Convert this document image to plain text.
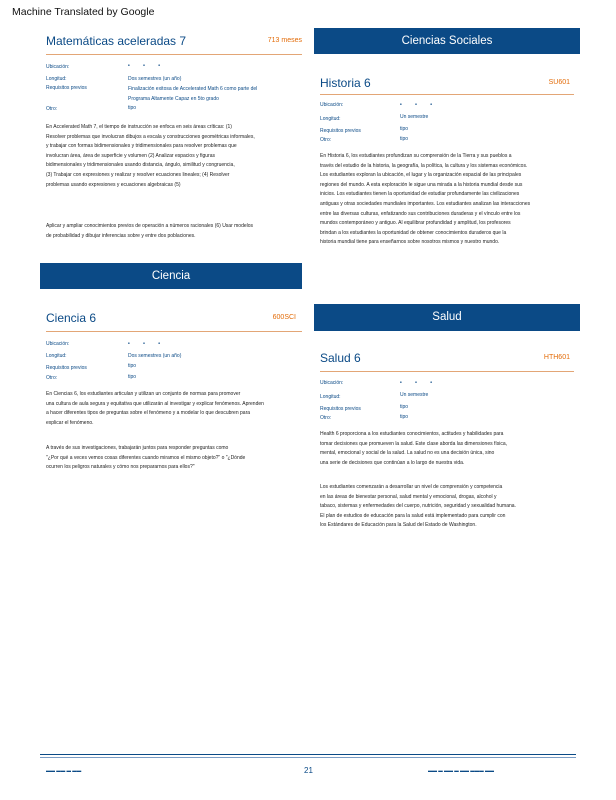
Machine Translated by Google
Matemáticas aceleradas 7	713 meses
Ubicación:	• • •
Longitud:	Dos semestres (un año)
Requisitos previos	Finalización exitosa de Accelerated Math 6 como parte del
Programa Altamente Capaz en 5to grado
Otro:	tipo
En Accelerated Math 7, el tiempo de instrucción se enfoca en seis áreas críticas: (1)
Resolver problemas que involucran dibujos a escala y construcciones geométricas informales,
y trabajar con formas bidimensionales y tridimensionales para resolver problemas que
involucran área, área de superficie y volumen (2) Analizar espacios y figuras
bidimensionales y tridimensionales usando distancia, ángulo, similitud y congruencia,
(3) Trabajar con expresiones y realizar y resolver ecuaciones lineales; (4) Resolver
problemas usando expresiones y ecuaciones algebraicas (5)
Aplicar y ampliar conocimientos previos de operación a números racionales (6) Usar modelos
de probabilidad y dibujar inferencias sobre y entre dos poblaciones.
Ciencias Sociales
Historia 6	SU601
Ubicación:	• • •
Longitud:	Un semestre
Requisitos previos	tipo
Otro:	tipo
En Historia 6, los estudiantes profundizan su comprensión de la Tierra y sus pueblos a
través del estudio de la historia, la geografía, la política, la cultura y los sistemas económicos.
Los estudiantes exploran la ubicación, el lugar y la organización espacial de las principales
regiones del mundo. A esta exploración le sigue una mirada a la historia mundial desde sus
inicios. Los estudiantes tienen la oportunidad de estudiar profundamente las civilizaciones
antiguas y otras sociedades mundiales importantes. Los estudiantes analizan las interacciones
entre las diversas culturas, enfatizando sus contribuciones duraderas y el vínculo entre los
mundos contemporáneo y antiguo. Al equilibrar profundidad y amplitud, los profesores
brindan a los estudiantes la oportunidad de obtener conocimientos duraderos que la
historia mundial tiene para enseñarnos sobre nosotros mismos y nuestro mundo.
Ciencia
Ciencia 6	600SCI
Ubicación:	• • •
Longitud:	Dos semestres (un año)
Requisitos previos	tipo
Otro:	tipo
En Ciencias 6, los estudiantes articulan y utilizan un conjunto de normas para promover
una cultura de aula segura y equitativa que utilizarán al investigar y explicar fenómenos. Aprenden
a hacer diferentes tipos de preguntas sobre el fenómeno y a modelar lo que descubren para
explicar el fenómeno.
A través de sus investigaciones, trabajarán juntos para responder preguntas como
"¿Por qué a veces vemos cosas diferentes cuando miramos el mismo objeto?" o "¿Dónde
ocurren los peligros naturales y cómo nos prepararnos para ellos?"
Salud
Salud 6	HTH601
Ubicación:	• • •
Longitud:	Un semestre
Requisitos previos	tipo
Otro:	tipo
Health 6 proporciona a los estudiantes conocimientos, actitudes y habilidades para
tomar decisiones que promueven la salud. Este clase aborda las dimensiones física,
mental, emocional y social de la salud. La salud no es una decisión única, sino
una serie de decisiones que continúan a lo largo de nuestra vida.
Los estudiantes comenzarán a desarrollar un nivel de comprensión y competencia
en las áreas de bienestar personal, salud mental y emocional, drogas, alcohol y
tabaco, sistemas y enfermedades del cuerpo, nutrición, seguridad y sexualidad humana.
El plan de estudios de educación para la salud está implementado para cumplir con
los Estándares de Educación para la Salud del Estado de Washington.
▬▬ ▬▬ ▬ ▬▬	21	▬▬ ▬ ▬▬ ▬ ▬▬ ▬▬▬ ▬▬
